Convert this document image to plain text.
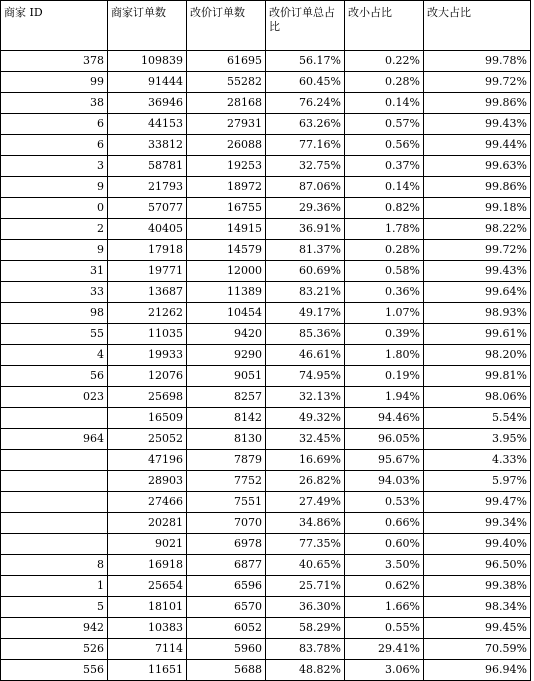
商家 ID	商家订单数	改价订单数	改价订单总占比	改小占比	改大占比
378	109839	61695	56.17%	0.22%	99.78%
99	91444	55282	60.45%	0.28%	99.72%
38	36946	28168	76.24%	0.14%	99.86%
6	44153	27931	63.26%	0.57%	99.43%
6	33812	26088	77.16%	0.56%	99.44%
3	58781	19253	32.75%	0.37%	99.63%
9	21793	18972	87.06%	0.14%	99.86%
0	57077	16755	29.36%	0.82%	99.18%
2	40405	14915	36.91%	1.78%	98.22%
9	17918	14579	81.37%	0.28%	99.72%
31	19771	12000	60.69%	0.58%	99.43%
33	13687	11389	83.21%	0.36%	99.64%
98	21262	10454	49.17%	1.07%	98.93%
55	11035	9420	85.36%	0.39%	99.61%
4	19933	9290	46.61%	1.80%	98.20%
56	12076	9051	74.95%	0.19%	99.81%
023	25698	8257	32.13%	1.94%	98.06%

	16509	8142	49.32%	94.46%	5.54%
964	25052	8130	32.45%	96.05%	3.95%

	47196	7879	16.69%	95.67%	4.33%

	28903	7752	26.82%	94.03%	5.97%

	27466	7551	27.49%	0.53%	99.47%

	20281	7070	34.86%	0.66%	99.34%

	9021	6978	77.35%	0.60%	99.40%
8	16918	6877	40.65%	3.50%	96.50%
1	25654	6596	25.71%	0.62%	99.38%
5	18101	6570	36.30%	1.66%	98.34%
942	10383	6052	58.29%	0.55%	99.45%
526	7114	5960	83.78%	29.41%	70.59%
556	11651	5688	48.82%	3.06%	96.94%
